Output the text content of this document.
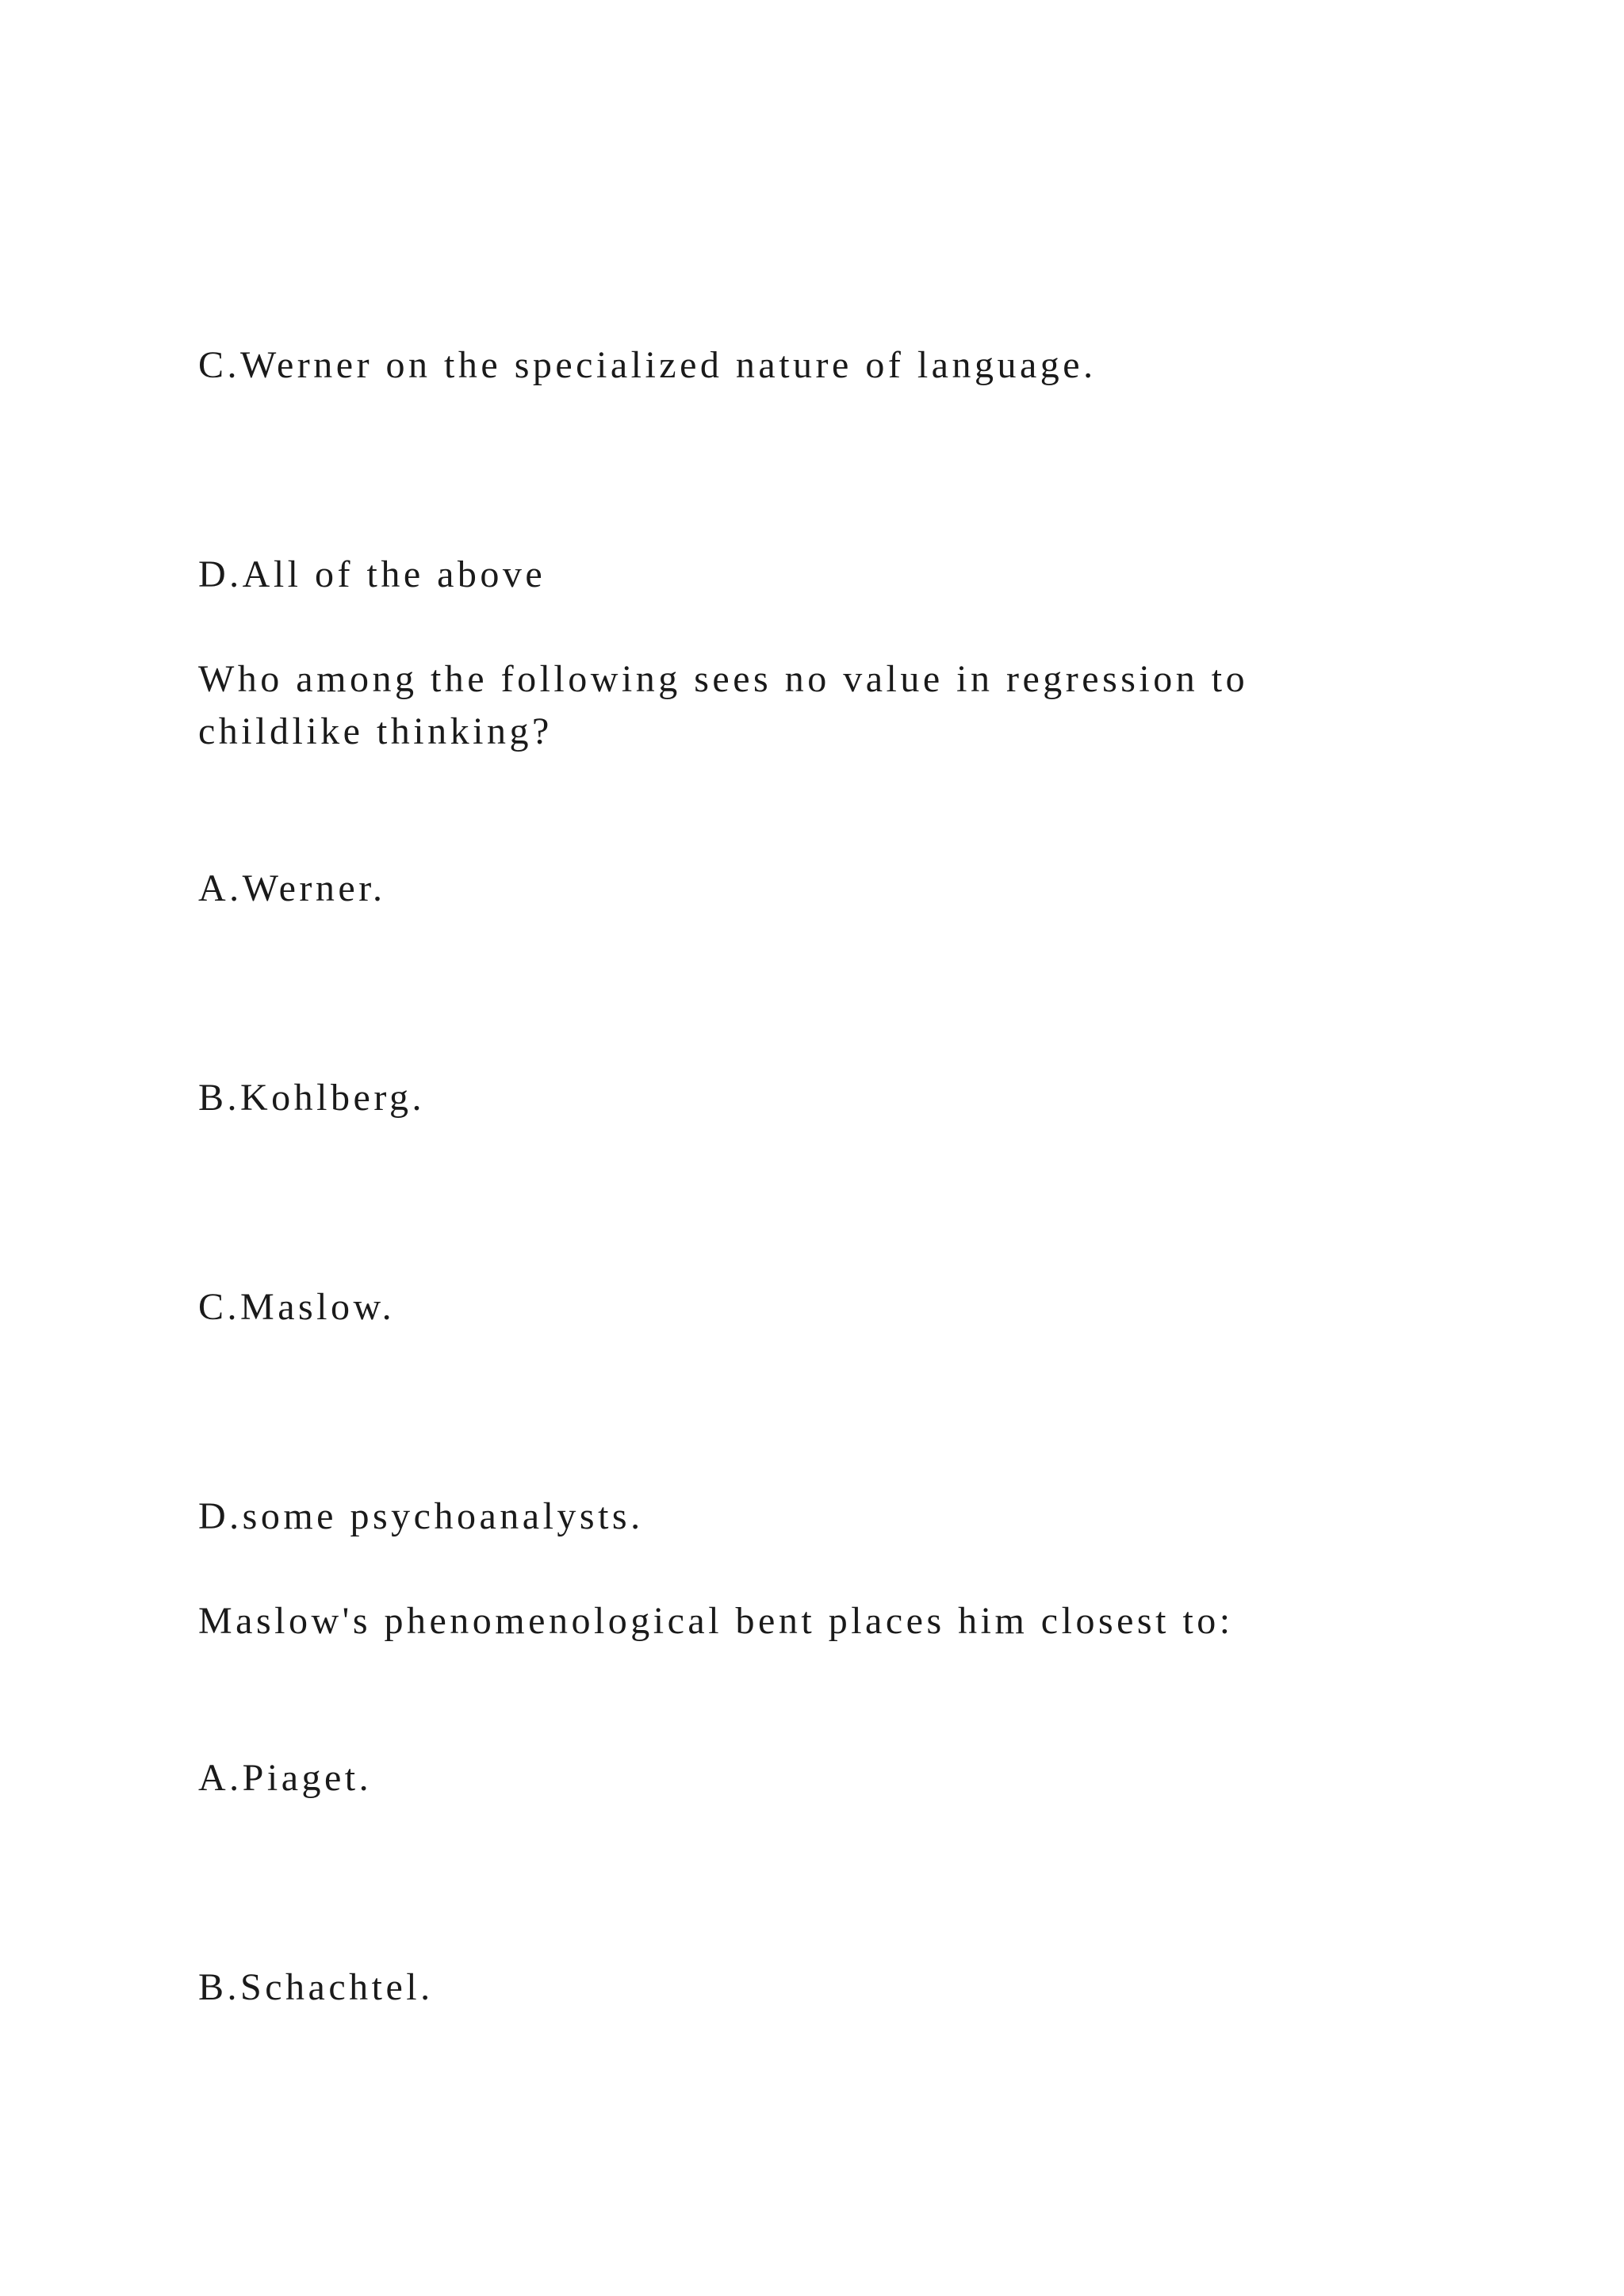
C.Werner on the specialized nature of language.

D.All of the above

Who among the following sees no value in regression to childlike thinking?

A.Werner.

B.Kohlberg.

C.Maslow.

D.some psychoanalysts.

Maslow's phenomenological bent places him closest to:

A.Piaget.

B.Schachtel.
